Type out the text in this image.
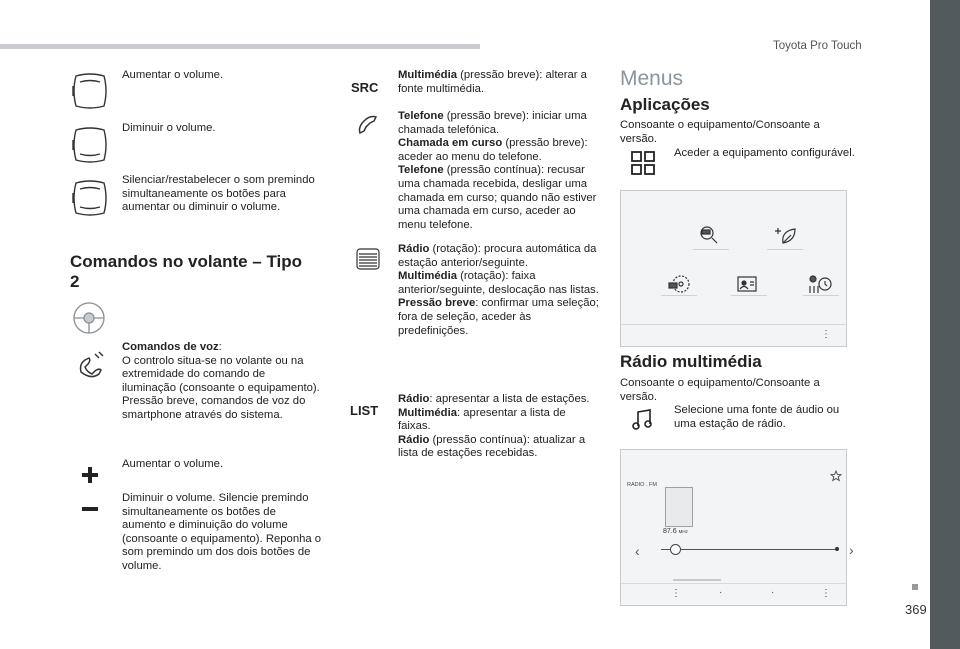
Toyota Pro Touch
369
Aumentar o volume.
Diminuir o volume.
Silenciar/restabelecer o som premindo simultaneamente os botões para aumentar ou diminuir o volume.
Comandos no volante – Tipo 2
Comandos de voz:
O controlo situa-se no volante ou na extremidade do comando de iluminação (consoante o equipamento). Pressão breve, comandos de voz do smartphone através do sistema.
Aumentar o volume.
Diminuir o volume. Silencie premindo simultaneamente os botões de aumento e diminuição do volume (consoante o equipamento). Reponha o som premindo um dos dois botões de volume.
SRC
Multimédia (pressão breve): alterar a fonte multimédia.
Telefone (pressão breve): iniciar uma chamada telefónica.
Chamada em curso (pressão breve): aceder ao menu do telefone.
Telefone (pressão contínua): recusar uma chamada recebida, desligar uma chamada em curso; quando não estiver uma chamada em curso, aceder ao menu telefone.
Rádio (rotação): procura automática da estação anterior/seguinte.
Multimédia (rotação): faixa anterior/seguinte, deslocação nas listas.
Pressão breve: confirmar uma seleção; fora de seleção, aceder às predefinições.
LIST
Rádio: apresentar a lista de estações.
Multimédia: apresentar a lista de faixas.
Rádio (pressão contínua): atualizar a lista de estações recebidas.
Menus
Aplicações
Consoante o equipamento/Consoante a versão.
Aceder a equipamento configurável.
⋮
Rádio multimédia
Consoante o equipamento/Consoante a versão.
Selecione uma fonte de áudio ou uma estação de rádio.
RADIO . FM
87.6 MHz
‹	›
⋮	·	·	⋮
